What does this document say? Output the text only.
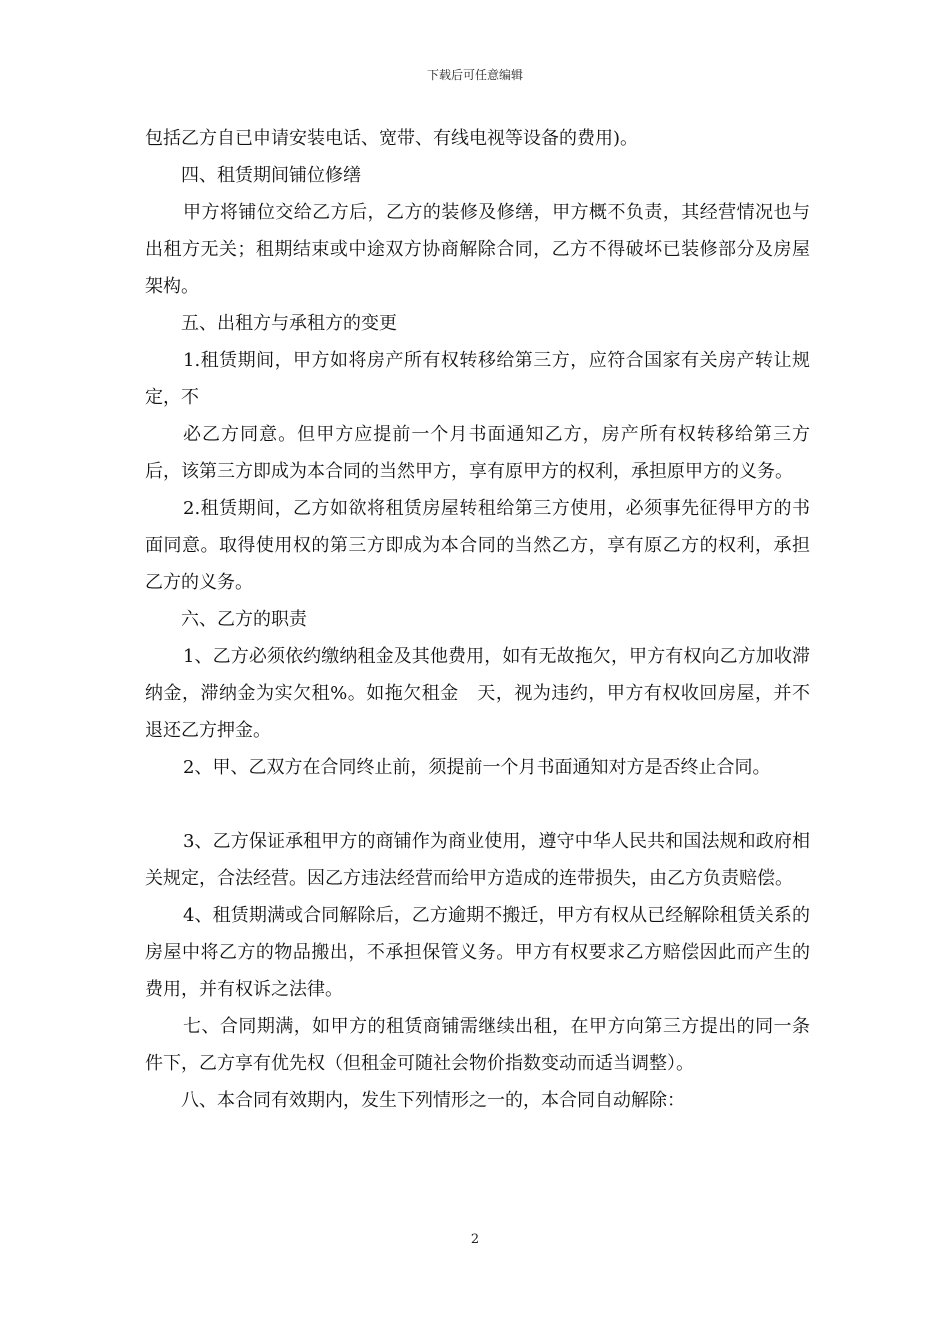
下载后可任意编辑

包括乙方自已申请安装电话、宽带、有线电视等设备的费用)。

四、租赁期间铺位修缮

甲方将铺位交给乙方后，乙方的装修及修缮，甲方概不负责，其经营情况也与出租方无关；租期结束或中途双方协商解除合同，乙方不得破坏已装修部分及房屋架构。

五、出租方与承租方的变更

1.租赁期间，甲方如将房产所有权转移给第三方，应符合国家有关房产转让规定，不

必乙方同意。但甲方应提前一个月书面通知乙方，房产所有权转移给第三方后，该第三方即成为本合同的当然甲方，享有原甲方的权利，承担原甲方的义务。

2.租赁期间，乙方如欲将租赁房屋转租给第三方使用，必须事先征得甲方的书面同意。取得使用权的第三方即成为本合同的当然乙方，享有原乙方的权利，承担乙方的义务。

六、乙方的职责

1、乙方必须依约缴纳租金及其他费用，如有无故拖欠，甲方有权向乙方加收滞纳金，滞纳金为实欠租%。如拖欠租金　天，视为违约，甲方有权收回房屋，并不退还乙方押金。

2、甲、乙双方在合同终止前，须提前一个月书面通知对方是否终止合同。

3、乙方保证承租甲方的商铺作为商业使用，遵守中华人民共和国法规和政府相关规定，合法经营。因乙方违法经营而给甲方造成的连带损失，由乙方负责赔偿。

4、租赁期满或合同解除后，乙方逾期不搬迁，甲方有权从已经解除租赁关系的房屋中将乙方的物品搬出，不承担保管义务。甲方有权要求乙方赔偿因此而产生的费用，并有权诉之法律。

七、合同期满，如甲方的租赁商铺需继续出租，在甲方向第三方提出的同一条件下，乙方享有优先权（但租金可随社会物价指数变动而适当调整）。

八、本合同有效期内，发生下列情形之一的，本合同自动解除：

2
